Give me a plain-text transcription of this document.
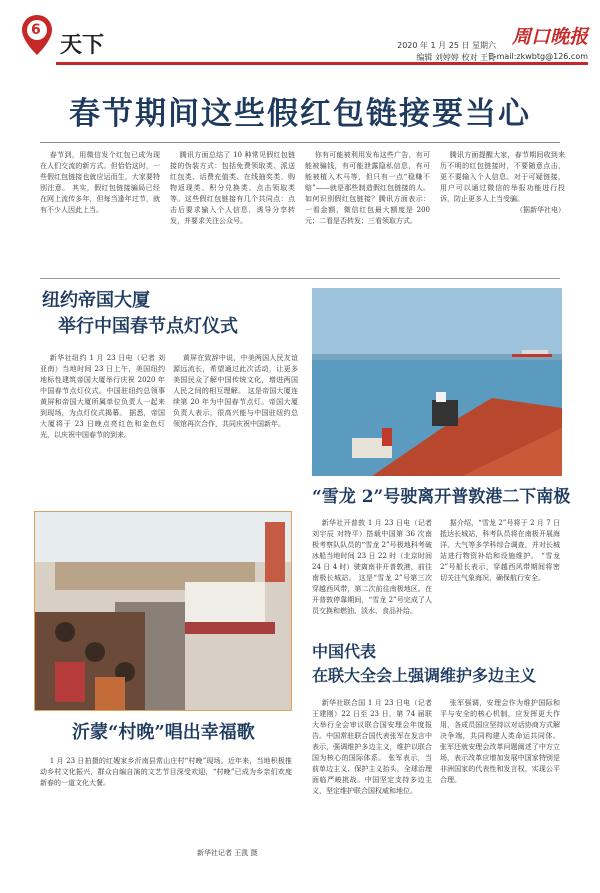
6
天下	2020 年 1 月 25 日 星期六
编辑 刘婷婷 校对 王诗
周口晚报
E-mail:zkwbtg@126.com
春节期间这些假红包链接要当心

春节到，用微信发个红包已成为现在人们交流的新方式。但恰恰这时，一些假红包链接也就应运而生，大家要特别注意。 其实，假红包链接骗局已经在网上流传多年，但每当逢年过节，就有不少人因此上当。

腾讯方面总结了 10 种常见假红包链接的伪装方式：包括免费领取类、派送红包类、话费充值类、在线抽奖类、购物返现类、积分兑换类、点击领取类等。这些假红包链接有几个共同点：点击后要求输入个人信息，诱导分享转发，并要求关注公众号。

你有可能被利用发布这些广告，有可能被骗钱，有可能泄露隐私信息，有可能被植入木马等，但只有一点“稳赚不赔”——就是那些制造假红包链接的人。 如何识别假红包链接？腾讯方面表示：一看金额，微信红包最大额度是 200 元；二看是否转发；三看领取方式。

腾讯方面提醒大家，春节期间收到来历不明的红包链接时，不要随意点击，更不要输入个人信息。对于可疑链接，用户可以通过微信的举报功能进行投诉，防止更多人上当受骗。

（据新华社电）
纽约帝国大厦
举行中国春节点灯仪式

新华社纽约 1 月 23 日电（记者 刘亚南）当地时间 23 日上午，美国纽约地标性建筑帝国大厦举行庆祝 2020 年中国春节点灯仪式。中国驻纽约总领事黄屏和帝国大厦所属单位负责人一起来到现场，为点灯仪式揭幕。 据悉，帝国大厦将于 23 日晚点亮红色和金色灯光，以庆祝中国春节的到来。

黄屏在致辞中说，中美两国人民友谊源远流长，希望通过此次活动，让更多美国民众了解中国传统文化，增进两国人民之间的相互理解。 这是帝国大厦连续第 20 年为中国春节点灯。帝国大厦负责人表示，很高兴能与中国驻纽约总领馆再次合作，共同庆祝中国新年。

“雪龙 2”号驶离开普敦港二下南极

新华社开普敦 1 月 23 日电（记者 刘宇辰 对特平）搭载中国第 36 次南极考察队队员的“雪龙 2”号极地科考破冰船当地时间 23 日 22 时（北京时间 24 日 4 时）驶离南非开普敦港，前往南极长城站。 这是“雪龙 2”号第三次穿越西风带，第二次前往南极地区。在开普敦停靠期间，“雪龙 2”号完成了人员交换和燃油、淡水、食品补给。

据介绍，“雪龙 2”号将于 2 月 7 日抵达长城站，科考队员将在南极开展海洋、大气等多学科综合调查，并对长城站进行物资补给和设施维护。 “雪龙 2”号船长表示，穿越西风带期间将密切关注气象海况，确保航行安全。

沂蒙“村晚”唱出幸福歌

1 月 23 日拍摄的红嫂家乡沂南县常山庄村“村晚”现场。近年来，当地积极推动乡村文化振兴，群众自编自演的文艺节目深受欢迎，“村晚”已成为乡亲们欢度新春的一道文化大餐。

新华社记者 王凯 摄
中国代表
在联大全会上强调维护多边主义

新华社联合国 1 月 23 日电（记者 王建刚）22 日至 23 日，第 74 届联大举行全会审议联合国安理会年度报告。中国常驻联合国代表张军在发言中表示，强调维护多边主义，维护以联合国为核心的国际体系。 张军表示，当前单边主义、保护主义抬头，全球治理面临严峻挑战。中国坚定支持多边主义，坚定维护联合国权威和地位。

张军强调，安理会作为维护国际和平与安全的核心机制，应发挥更大作用，各成员国应坚持以对话协商方式解决争端，共同构建人类命运共同体。 张军还就安理会改革问题阐述了中方立场，表示改革应增加发展中国家特别是非洲国家的代表性和发言权，实现公平合理。
